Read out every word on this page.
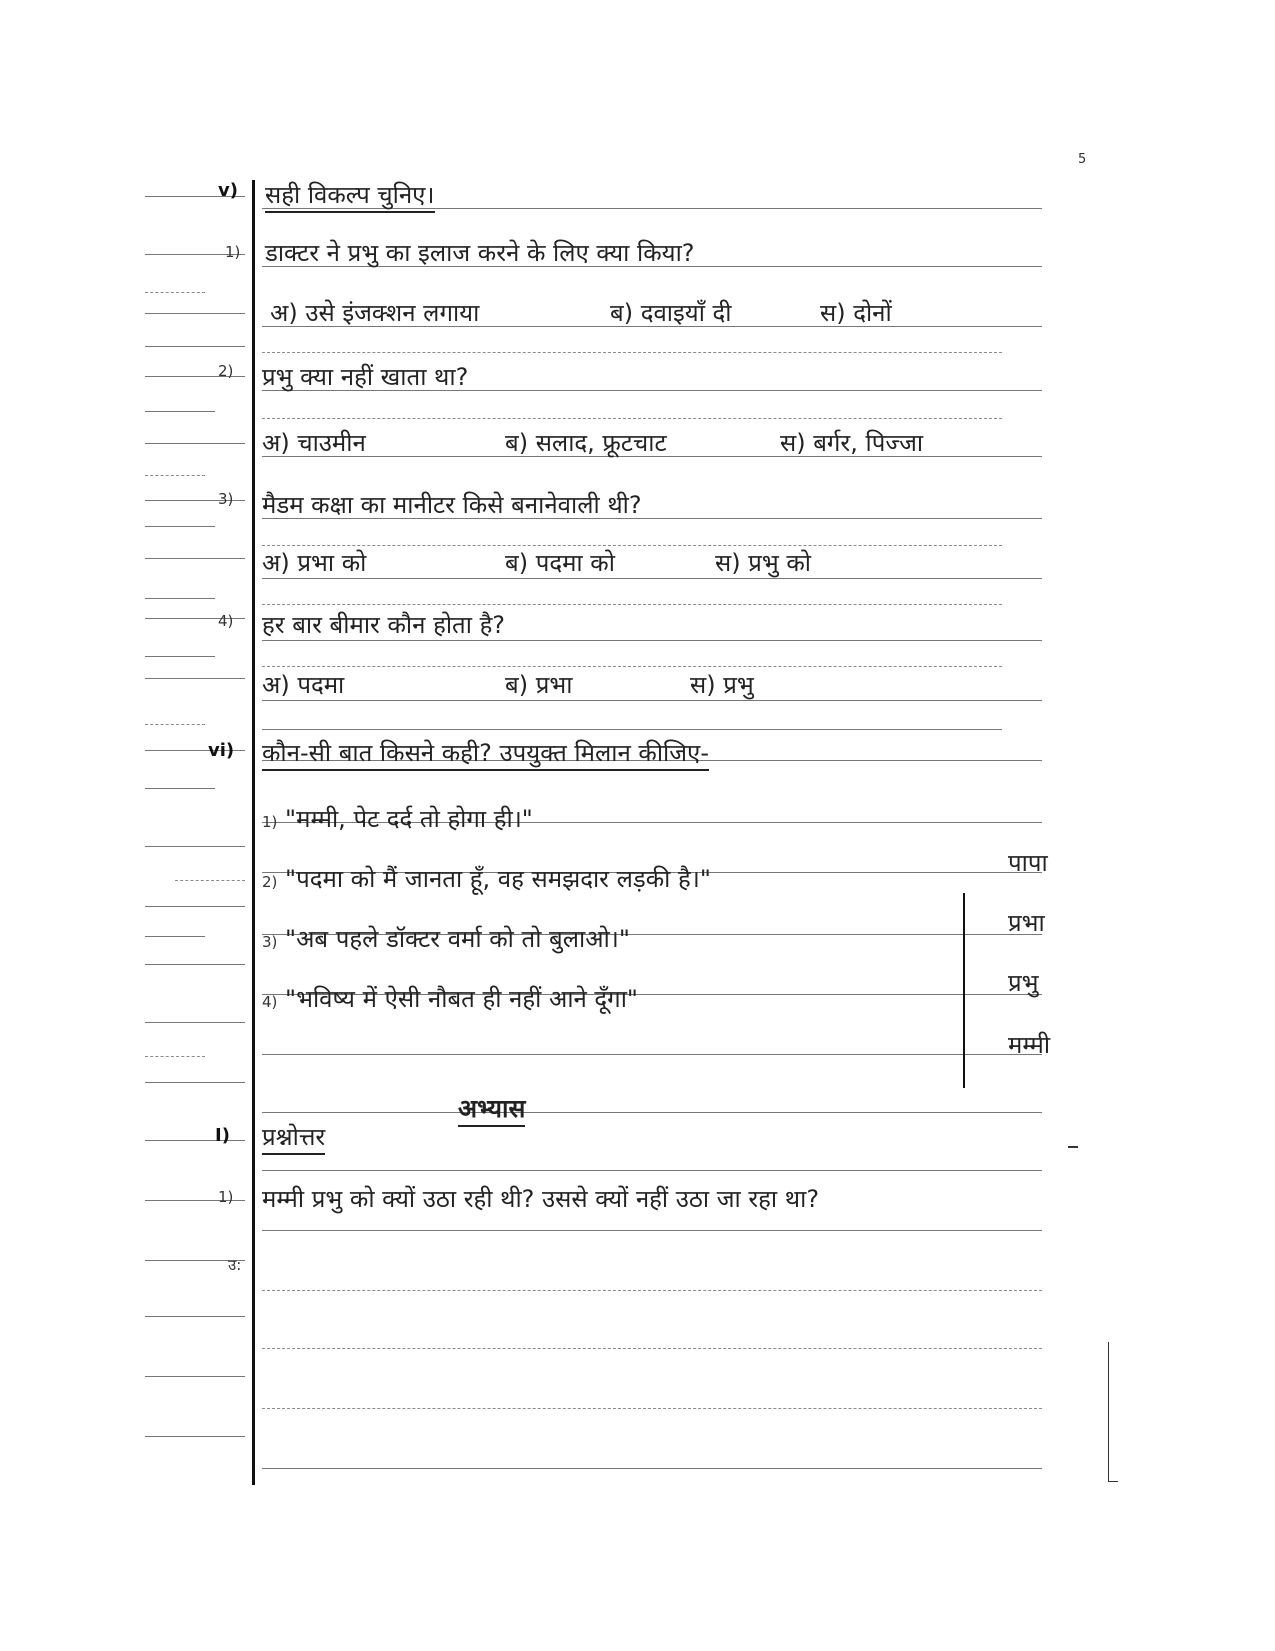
5
v) सही विकल्प चुनिए।
1) डाक्टर ने प्रभु का इलाज करने के लिए क्या किया?
अ) उसे इंजक्शन लगाया	ब) दवाइयाँ दी	स) दोनों
2) प्रभु क्या नहीं खाता था?
अ) चाउमीन	ब) सलाद, फ्रूटचाट	स) बर्गर, पिज्जा
3) मैडम कक्षा का मानीटर किसे बनानेवाली थी?
अ) प्रभा को	ब) पदमा को	स) प्रभु को
4) हर बार बीमार कौन होता है?
अ) पदमा	ब) प्रभा	स) प्रभु
vi) कौन-सी बात किसने कही? उपयुक्त मिलान कीजिए-
1) "मम्मी, पेट दर्द तो होगा ही।"
2) "पदमा को मैं जानता हूँ, वह समझदार लड़की है।"
3) "अब पहले डॉक्टर वर्मा को तो बुलाओ।"
4) "भविष्य में ऐसी नौबत ही नहीं आने दूँगा"
पापा
प्रभा
प्रभु
मम्मी
अभ्यास
I) प्रश्नोत्तर
1) मम्मी प्रभु को क्यों उठा रही थी? उससे क्यों नहीं उठा जा रहा था?
उ:
